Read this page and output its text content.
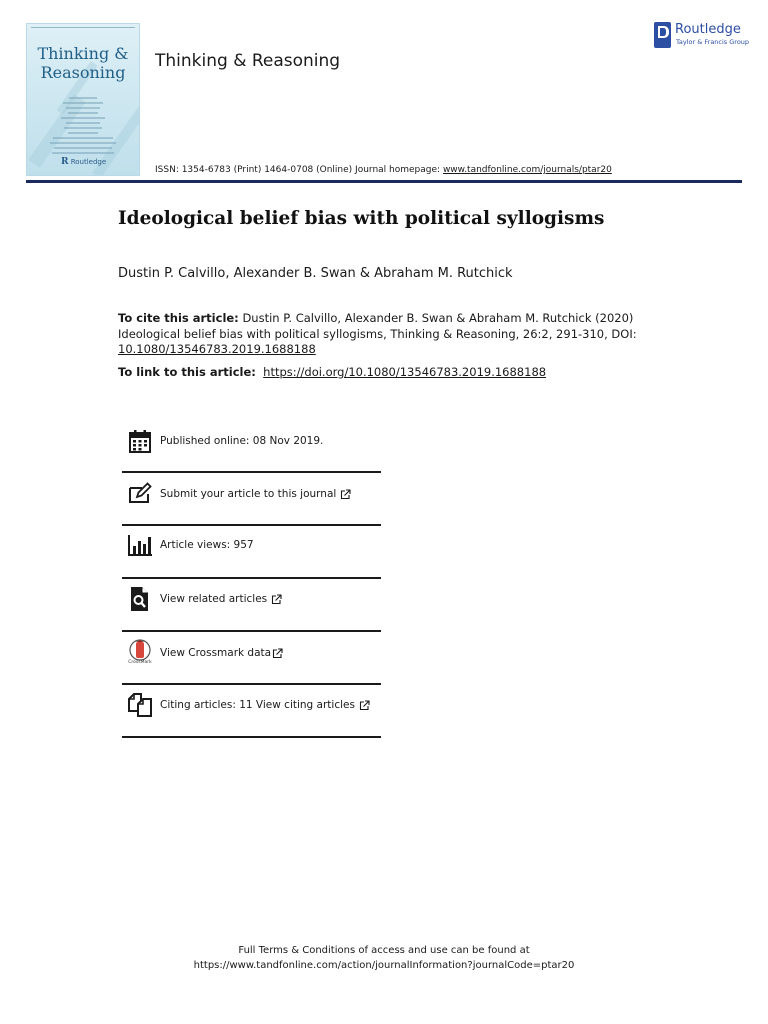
Thinking &
Reasoning
R Routledge
Thinking & Reasoning
Routledge
Taylor & Francis Group
ISSN: 1354-6783 (Print) 1464-0708 (Online) Journal homepage: www.tandfonline.com/journals/ptar20
Ideological belief bias with political syllogisms
Dustin P. Calvillo, Alexander B. Swan & Abraham M. Rutchick
To cite this article: Dustin P. Calvillo, Alexander B. Swan & Abraham M. Rutchick (2020) Ideological belief bias with political syllogisms, Thinking & Reasoning, 26:2, 291-310, DOI: 10.1080/13546783.2019.1688188
To link to this article: https://doi.org/10.1080/13546783.2019.1688188
Published online: 08 Nov 2019.
Submit your article to this journal
Article views: 957
View related articles
CrossMark
View Crossmark data
Citing articles: 11 View citing articles
Full Terms & Conditions of access and use can be found at
https://www.tandfonline.com/action/journalInformation?journalCode=ptar20
